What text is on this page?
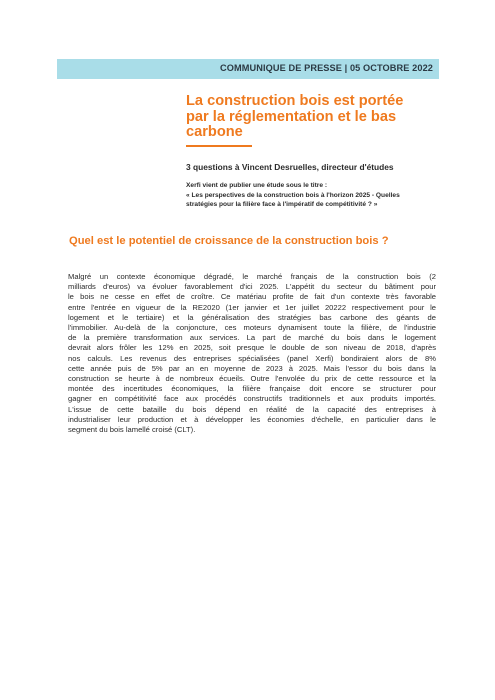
COMMUNIQUE DE PRESSE | 05 OCTOBRE 2022
La construction bois est portée
par la réglementation et le bas
carbone
3 questions à Vincent Desruelles, directeur d'études
Xerfi vient de publier une étude sous le titre :
« Les perspectives de la construction bois à l'horizon 2025 - Quelles
stratégies pour la filière face à l'impératif de compétitivité ? »
Quel est le potentiel de croissance de la construction bois ?
Malgré un contexte économique dégradé, le marché français de la construction bois (2
milliards d'euros) va évoluer favorablement d'ici 2025. L'appétit du secteur du bâtiment pour
le bois ne cesse en effet de croître. Ce matériau profite de fait d'un contexte très favorable
entre l'entrée en vigueur de la RE2020 (1er janvier et 1er juillet 20222 respectivement pour le
logement et le tertiaire) et la généralisation des stratégies bas carbone des géants de
l'immobilier. Au-delà de la conjoncture, ces moteurs dynamisent toute la filière, de l'industrie
de la première transformation aux services. La part de marché du bois dans le logement
devrait alors frôler les 12% en 2025, soit presque le double de son niveau de 2018, d'après
nos calculs. Les revenus des entreprises spécialisées (panel Xerfi) bondiraient alors de 8%
cette année puis de 5% par an en moyenne de 2023 à 2025. Mais l'essor du bois dans la
construction se heurte à de nombreux écueils. Outre l'envolée du prix de cette ressource et la
montée des incertitudes économiques, la filière française doit encore se structurer pour
gagner en compétitivité face aux procédés constructifs traditionnels et aux produits importés.
L'issue de cette bataille du bois dépend en réalité de la capacité des entreprises à
industrialiser leur production et à développer les économies d'échelle, en particulier dans le
segment du bois lamellé croisé (CLT).
